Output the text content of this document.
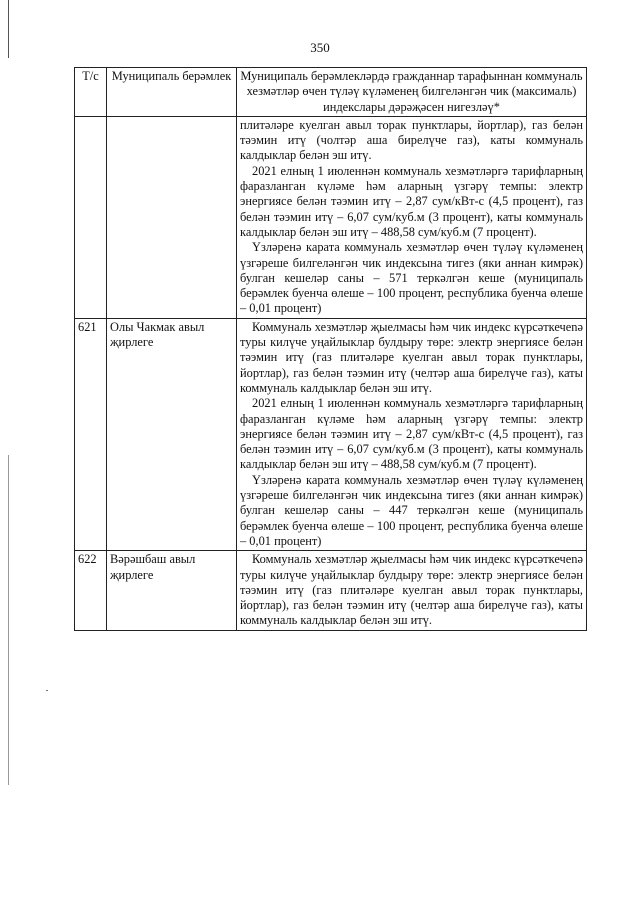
350
Т/с	Муниципаль берәмлек	Муниципаль берәмлекләрдә гражданнар тарафыннан коммуналь хезмәтләр өчен түләү күләменең билгеләнгән чик (максималь) индекслары дәрәҗәсен нигезләү*

		плитәләре куелган авыл торак пунктлары, йортлар), газ белән тәэмин итү (чолтәр аша бирелүче газ), каты коммуналь калдыклар белән эш итү.

2021 елның 1 июленнән коммуналь хезмәтләргә тарифларның фаразланган күләме һәм аларның үзгәрү темпы: электр энергиясе белән тәэмин итү – 2,87 сум/кВт-с (4,5 процент), газ белән тәэмин итү – 6,07 сум/куб.м (3 процент), каты коммуналь калдыклар белән эш итү – 488,58 сум/куб.м (7 процент).

Үзләренә карата коммуналь хезмәтләр өчен түләү күләменең үзгәреше билгеләнгән чик индексына тигез (яки аннан кимрәк) булган кешеләр саны – 571 теркәлгән кеше (муниципаль берәмлек буенча өлеше – 100 процент, республика буенча өлеше – 0,01 процент)

621	Олы Чакмак авыл җирлеге	Коммуналь хезмәтләр җыелмасы һәм чик индекс күрсәткечenә туры килүче уңайлыклар булдыру төре: электр энергиясе белән тәэмин итү (газ плитәләре куелган авыл торак пунктлары, йортлар), газ белән тәэмин итү (челтәр аша бирелүче газ), каты коммуналь калдыклар белән эш итү.

2021 елның 1 июленнән коммуналь хезмәтләргә тарифларның фаразланган күләме һәм аларның үзгәрү темпы: электр энергиясе белән тәэмин итү – 2,87 сум/кВт-с (4,5 процент), газ белән тәэмин итү – 6,07 сум/куб.м (3 процент), каты коммуналь калдыклар белән эш итү – 488,58 сум/куб.м (7 процент).

Үзләренә карата коммуналь хезмәтләр өчен түләү күләменең үзгәреше билгеләнгән чик индексына тигез (яки аннан кимрәк) булган кешеләр саны – 447 теркәлгән кеше (муниципаль берәмлек буенча өлеше – 100 процент, республика буенча өлеше – 0,01 процент)

622	Вәрәшбаш авыл җирлеге	Коммуналь хезмәтләр җыелмасы һәм чик индекс күрсәткечenә туры килүче уңайлыклар булдыру төре: электр энергиясе белән тәэмин итү (газ плитәләре куелган авыл торак пунктлары, йортлар), газ белән тәэмин итү (челтәр аша бирелүче газ), каты коммуналь калдыклар белән эш итү.
